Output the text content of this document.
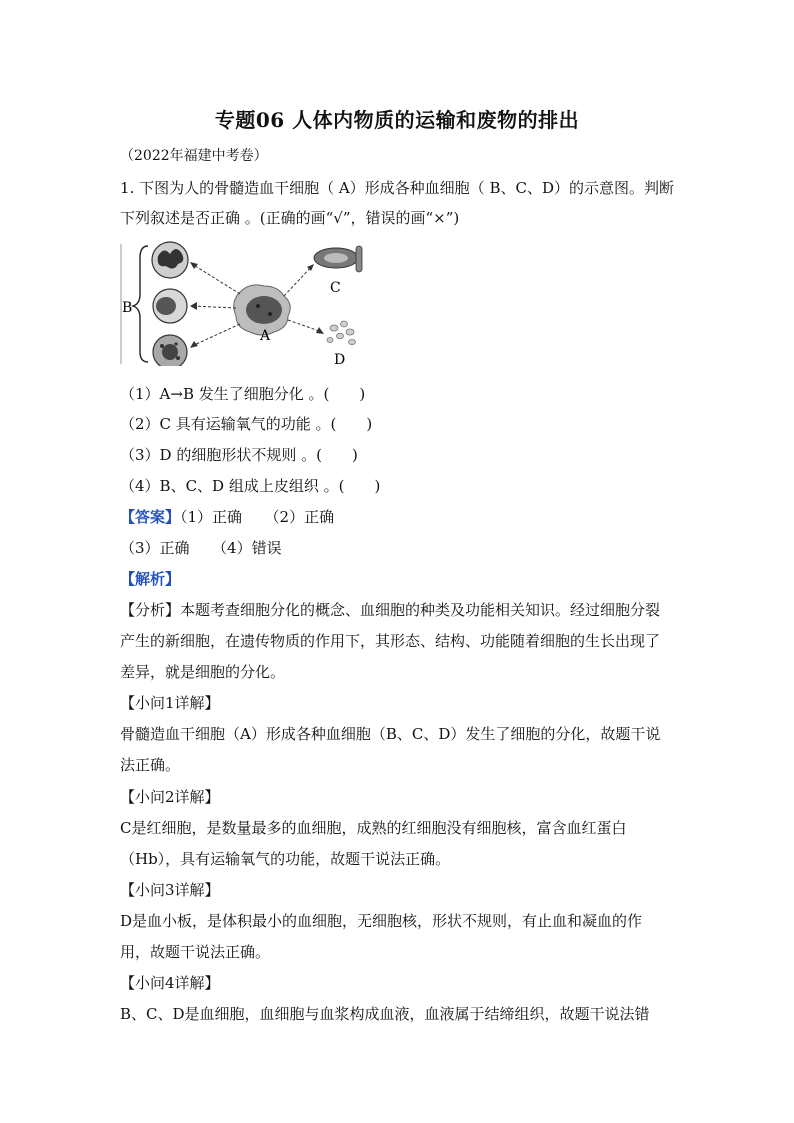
专题06 人体内物质的运输和废物的排出
（2022年福建中考卷）
1. 下图为人的骨髓造血干细胞（ A）形成各种血细胞（ B、C、D）的示意图。判断
下列叙述是否正确 。(正确的画“√”，错误的画“×”)
B
A
C
D
（1）A→B 发生了细胞分化 。(　　)
（2）C 具有运输氧气的功能 。(　　)
（3）D 的细胞形状不规则 。(　　)
（4）B、C、D 组成上皮组织 。(　　)
【答案】（1）正确　　（2）正确
（3）正确　　（4）错误
【解析】
【分析】本题考查细胞分化的概念、血细胞的种类及功能相关知识。经过细胞分裂
产生的新细胞，在遗传物质的作用下，其形态、结构、功能随着细胞的生长出现了
差异，就是细胞的分化。
【小问1详解】
骨髓造血干细胞（A）形成各种血细胞（B、C、D）发生了细胞的分化，故题干说
法正确。
【小问2详解】
C是红细胞，是数量最多的血细胞，成熟的红细胞没有细胞核，富含血红蛋白
（Hb），具有运输氧气的功能，故题干说法正确。
【小问3详解】
D是血小板，是体积最小的血细胞，无细胞核，形状不规则，有止血和凝血的作
用，故题干说法正确。
【小问4详解】
B、C、D是血细胞，血细胞与血浆构成血液，血液属于结缔组织，故题干说法错
